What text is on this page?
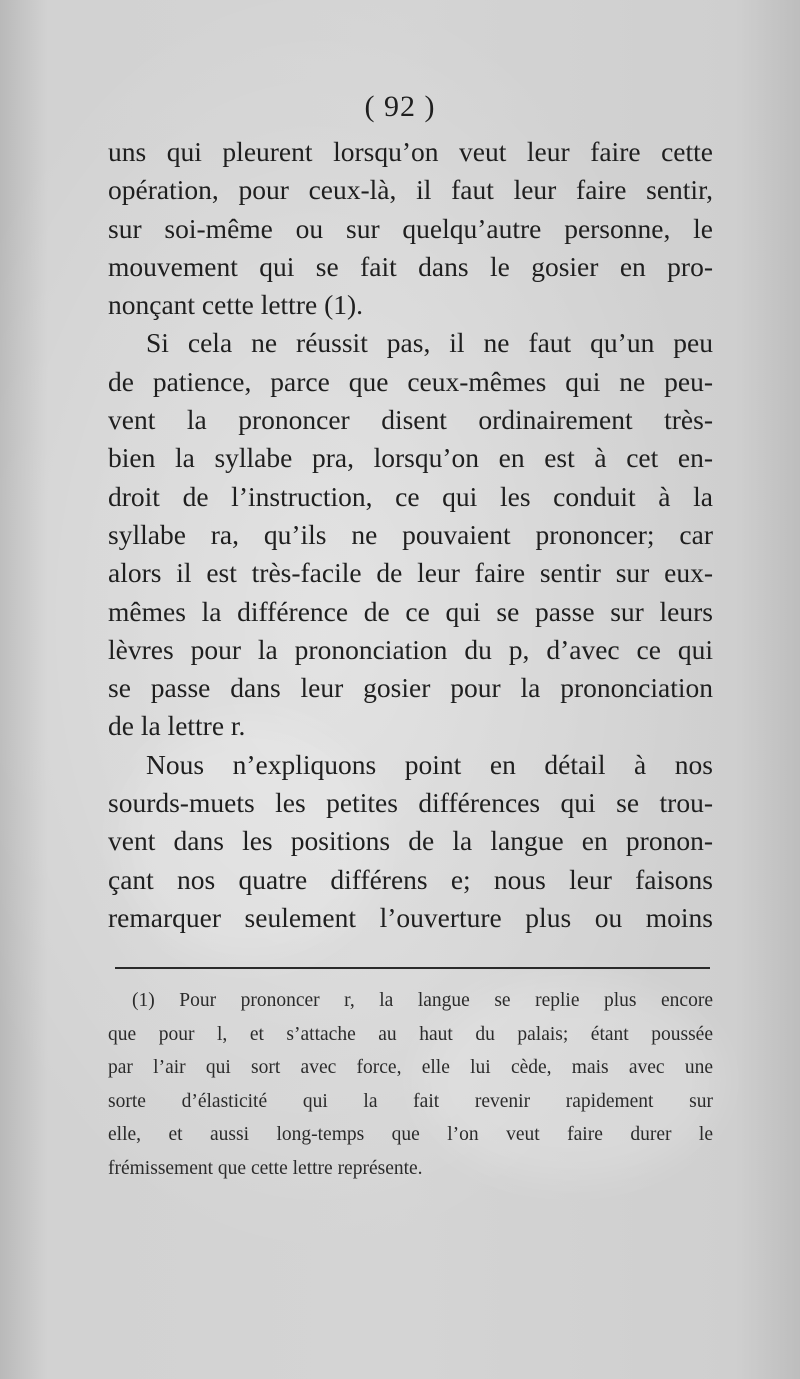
( 92 )
uns qui pleurent lorsqu’on veut leur faire cette
opération, pour ceux-là, il faut leur faire sentir,
sur soi-même ou sur quelqu’autre personne, le
mouvement qui se fait dans le gosier en pro-
nonçant cette lettre (1).
Si cela ne réussit pas, il ne faut qu’un peu
de patience, parce que ceux-mêmes qui ne peu-
vent la prononcer disent ordinairement très-
bien la syllabe pra, lorsqu’on en est à cet en-
droit de l’instruction, ce qui les conduit à la
syllabe ra, qu’ils ne pouvaient prononcer; car
alors il est très-facile de leur faire sentir sur eux-
mêmes la différence de ce qui se passe sur leurs
lèvres pour la prononciation du p, d’avec ce qui
se passe dans leur gosier pour la prononciation
de la lettre r.
Nous n’expliquons point en détail à nos
sourds-muets les petites différences qui se trou-
vent dans les positions de la langue en pronon-
çant nos quatre différens e; nous leur faisons
remarquer seulement l’ouverture plus ou moins
(1) Pour prononcer r, la langue se replie plus encore
que pour l, et s’attache au haut du palais; étant poussée
par l’air qui sort avec force, elle lui cède, mais avec une
sorte d’élasticité qui la fait revenir rapidement sur
elle, et aussi long-temps que l’on veut faire durer le
frémissement que cette lettre représente.
